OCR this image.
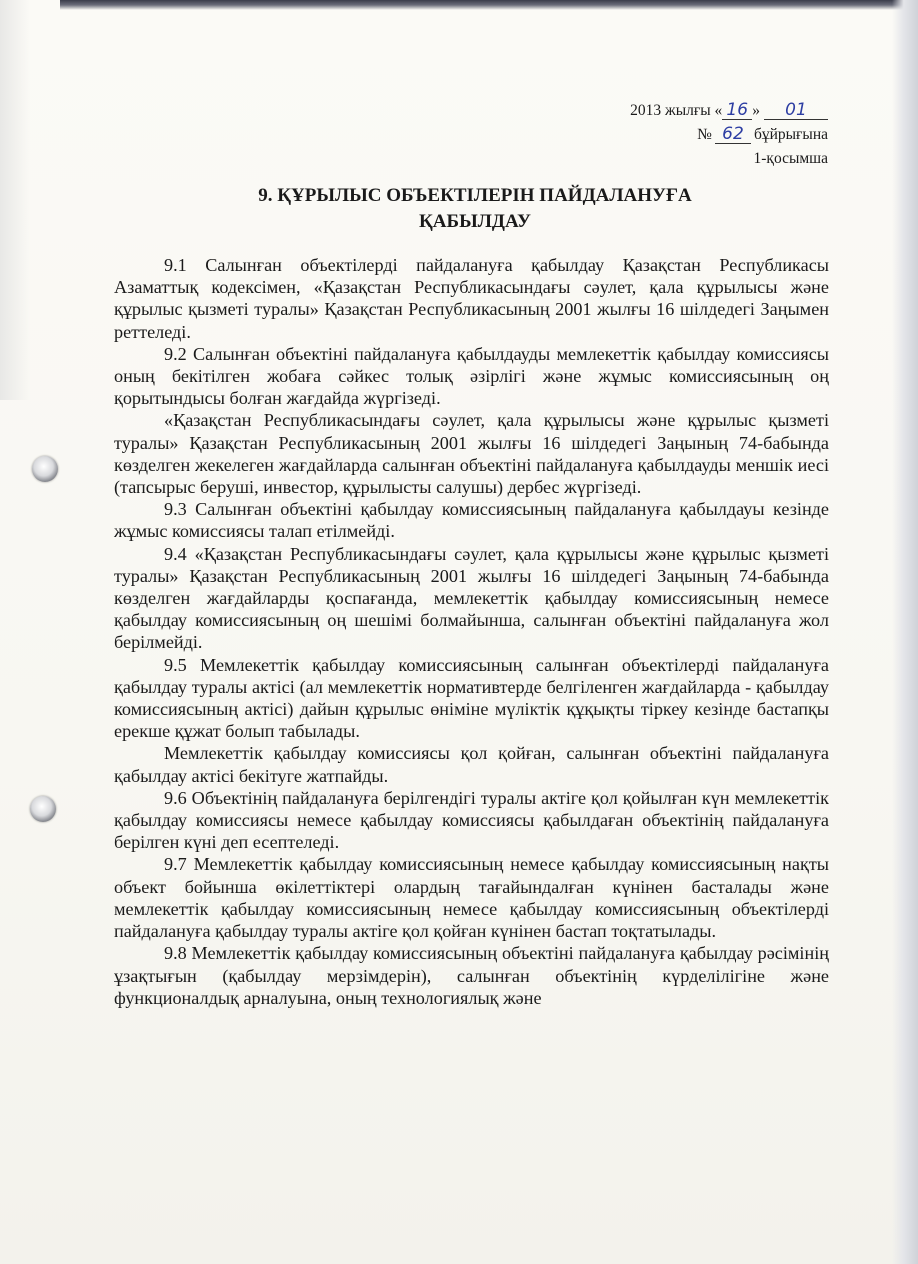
2013 жылғы « 16 » 01
№ 62 бұйрығына
1-қосымша
9. ҚҰРЫЛЫС ОБЪЕКТІЛЕРІН ПАЙДАЛАНУҒА
ҚАБЫЛДАУ

9.1 Салынған объектілерді пайдалануға қабылдау Қазақстан Республикасы Азаматтық кодексімен, «Қазақстан Республикасындағы сәулет, қала құрылысы және құрылыс қызметі туралы» Қазақстан Республикасының 2001 жылғы 16 шілдедегі Заңымен реттеледі.

9.2 Салынған объектіні пайдалануға қабылдауды мемлекеттік қабылдау комиссиясы оның бекітілген жобаға сәйкес толық әзірлігі және жұмыс комиссиясының оң қорытындысы болған жағдайда жүргізеді.

«Қазақстан Республикасындағы сәулет, қала құрылысы және құрылыс қызметі туралы» Қазақстан Республикасының 2001 жылғы 16 шілдедегі Заңының 74-бабында көзделген жекелеген жағдайларда салынған объектіні пайдалануға қабылдауды меншік иесі (тапсырыс беруші, инвестор, құрылысты салушы) дербес жүргізеді.

9.3 Салынған объектіні қабылдау комиссиясының пайдалануға қабылдауы кезінде жұмыс комиссиясы талап етілмейді.

9.4 «Қазақстан Республикасындағы сәулет, қала құрылысы және құрылыс қызметі туралы» Қазақстан Республикасының 2001 жылғы 16 шілдедегі Заңының 74-бабында көзделген жағдайларды қоспағанда, мемлекеттік қабылдау комиссиясының немесе қабылдау комиссиясының оң шешімі болмайынша, салынған объектіні пайдалануға жол берілмейді.

9.5 Мемлекеттік қабылдау комиссиясының салынған объектілерді пайдалануға қабылдау туралы актісі (ал мемлекеттік нормативтерде белгіленген жағдайларда - қабылдау комиссиясының актісі) дайын құрылыс өніміне мүліктік құқықты тіркеу кезінде бастапқы ерекше құжат болып табылады.

Мемлекеттік қабылдау комиссиясы қол қойған, салынған объектіні пайдалануға қабылдау актісі бекітуге жатпайды.

9.6 Объектінің пайдалануға берілгендігі туралы актіге қол қойылған күн мемлекеттік қабылдау комиссиясы немесе қабылдау комиссиясы қабылдаған объектінің пайдалануға берілген күні деп есептеледі.

9.7 Мемлекеттік қабылдау комиссиясының немесе қабылдау комиссиясының нақты объект бойынша өкілеттіктері олардың тағайындалған күнінен басталады және мемлекеттік қабылдау комиссиясының немесе қабылдау комиссиясының объектілерді пайдалануға қабылдау туралы актіге қол қойған күнінен бастап тоқтатылады.

9.8 Мемлекеттік қабылдау комиссиясының объектіні пайдалануға қабылдау рәсімінің ұзақтығын (қабылдау мерзімдерін), салынған объектінің күрделілігіне және функционалдық арналуына, оның технологиялық және
